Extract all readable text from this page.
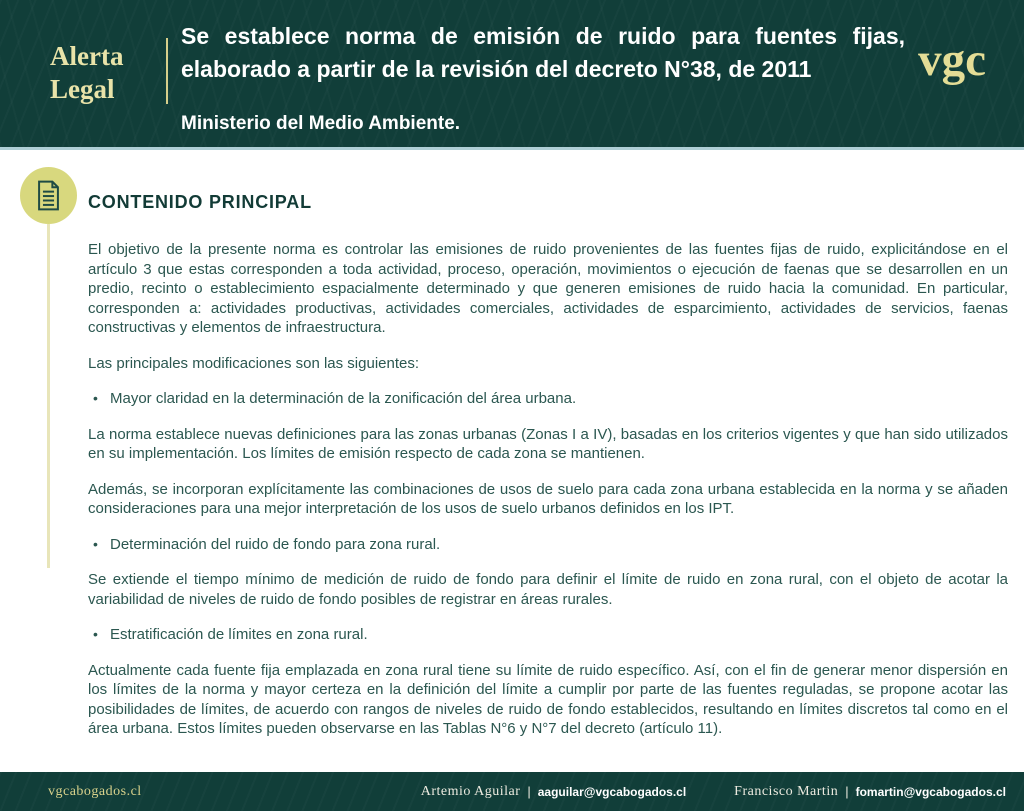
Alerta
Legal
Se establece norma de emisión de ruido para fuentes fijas,
elaborado a partir de la revisión del decreto N°38, de 2011
Ministerio del Medio Ambiente.
vgc
CONTENIDO PRINCIPAL
El objetivo de la presente norma es controlar las emisiones de ruido provenientes de las fuentes fijas de ruido, explicitándose en el artículo 3 que estas corresponden a toda actividad, proceso, operación, movimientos o ejecución de faenas que se desarrollen en un predio, recinto o establecimiento espacialmente determinado y que generen emisiones de ruido hacia la comunidad. En particular, corresponden a: actividades productivas, actividades comerciales, actividades de esparcimiento, actividades de servicios, faenas constructivas y elementos de infraestructura.
Las principales modificaciones son las siguientes:
• Mayor claridad en la determinación de la zonificación del área urbana.
La norma establece nuevas definiciones para las zonas urbanas (Zonas I a IV), basadas en los criterios vigentes y que han sido utilizados en su implementación. Los límites de emisión respecto de cada zona se mantienen.
Además, se incorporan explícitamente las combinaciones de usos de suelo para cada zona urbana establecida en la norma y se añaden consideraciones para una mejor interpretación de los usos de suelo urbanos definidos en los IPT.
• Determinación del ruido de fondo para zona rural.
Se extiende el tiempo mínimo de medición de ruido de fondo para definir el límite de ruido en zona rural, con el objeto de acotar la variabilidad de niveles de ruido de fondo posibles de registrar en áreas rurales.
• Estratificación de límites en zona rural.
Actualmente cada fuente fija emplazada en zona rural tiene su límite de ruido específico. Así, con el fin de generar menor dispersión en los límites de la norma y mayor certeza en la definición del límite a cumplir por parte de las fuentes reguladas, se propone acotar las posibilidades de límites, de acuerdo con rangos de niveles de ruido de fondo establecidos, resultando en límites discretos tal como en el área urbana. Estos límites pueden observarse en las Tablas N°6 y N°7 del decreto (artículo 11).
vgcabogados.cl	Artemio Aguilar | aaguilar@vgcabogados.cl	Francisco Martin | fomartin@vgcabogados.cl
